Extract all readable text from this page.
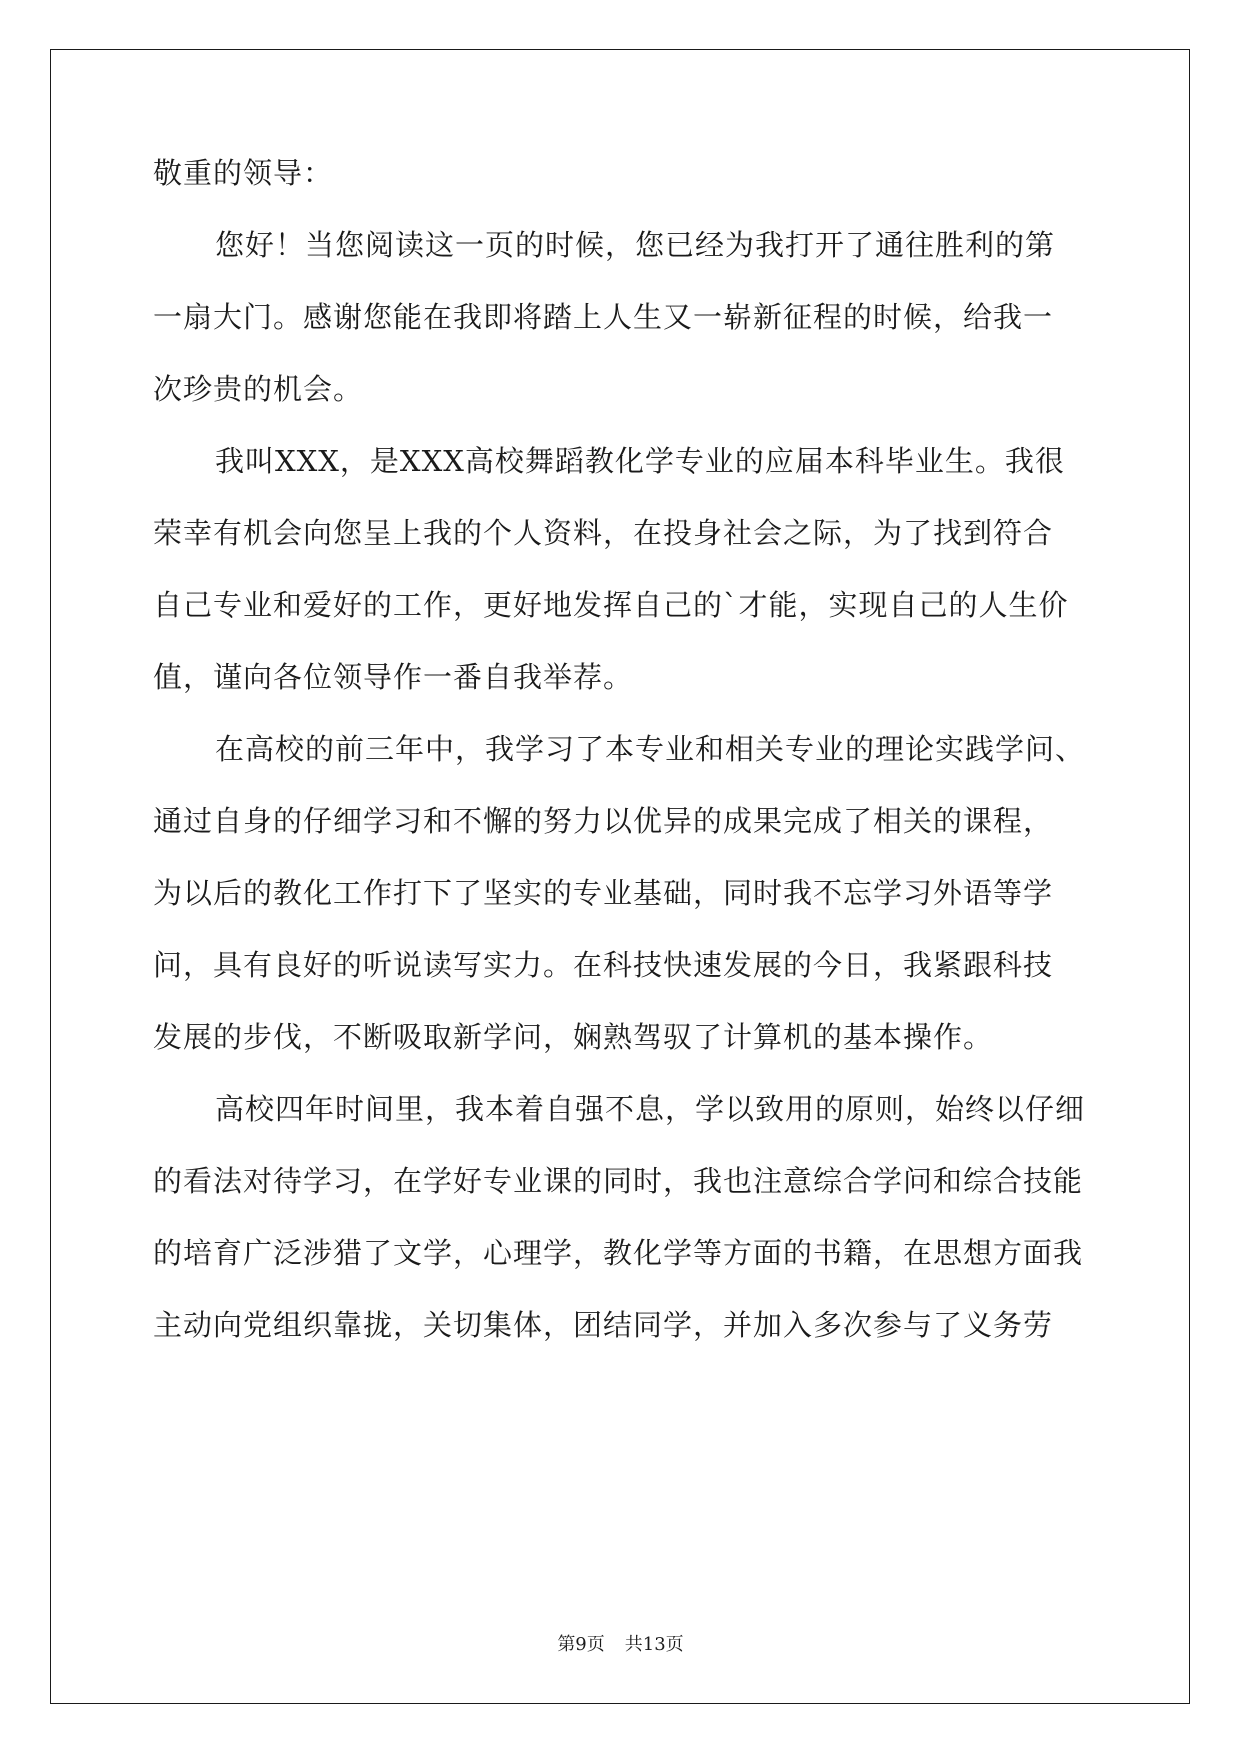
敬重的领导：
您好！当您阅读这一页的时候，您已经为我打开了通往胜利的第
一扇大门。感谢您能在我即将踏上人生又一崭新征程的时候，给我一
次珍贵的机会。
我叫XXX，是XXX高校舞蹈教化学专业的应届本科毕业生。我很
荣幸有机会向您呈上我的个人资料，在投身社会之际，为了找到符合
自己专业和爱好的工作，更好地发挥自己的`才能，实现自己的人生价
值，谨向各位领导作一番自我举荐。
在高校的前三年中，我学习了本专业和相关专业的理论实践学问、
通过自身的仔细学习和不懈的努力以优异的成果完成了相关的课程，
为以后的教化工作打下了坚实的专业基础，同时我不忘学习外语等学
问，具有良好的听说读写实力。在科技快速发展的今日，我紧跟科技
发展的步伐，不断吸取新学问，娴熟驾驭了计算机的基本操作。
高校四年时间里，我本着自强不息，学以致用的原则，始终以仔细
的看法对待学习，在学好专业课的同时，我也注意综合学问和综合技能
的培育广泛涉猎了文学，心理学，教化学等方面的书籍，在思想方面我
主动向党组织靠拢，关切集体，团结同学，并加入多次参与了义务劳
第9页 共13页
